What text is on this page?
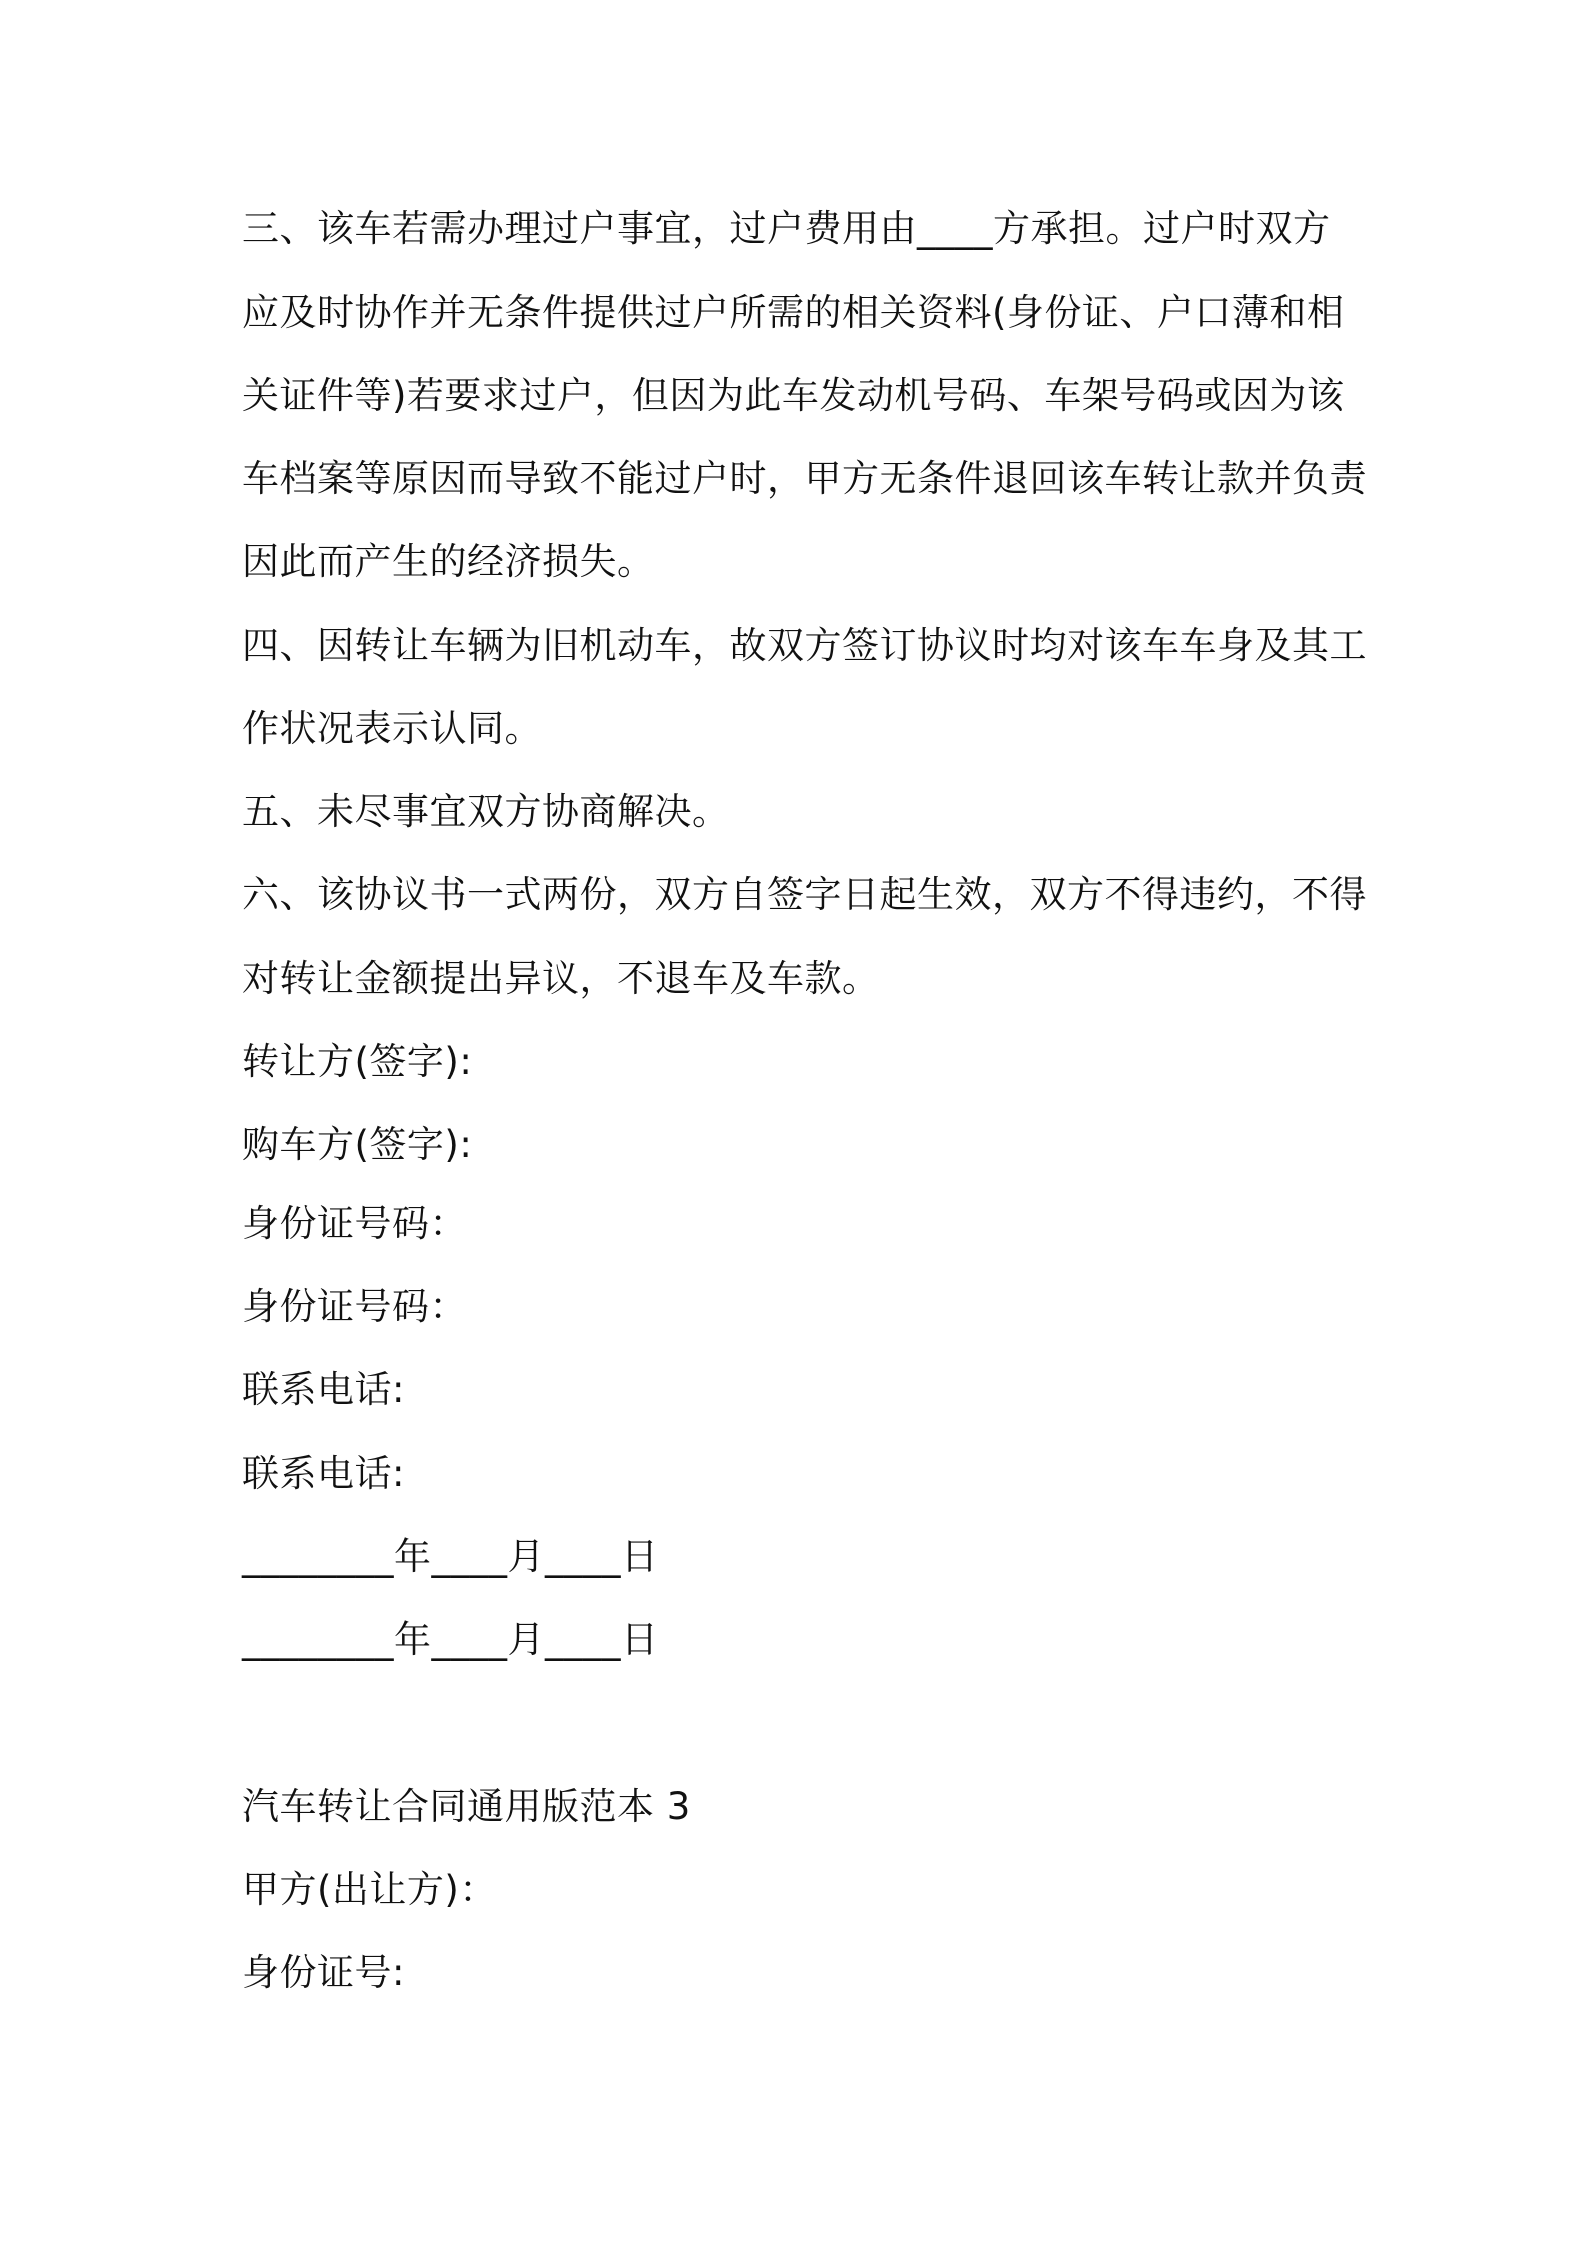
三、该车若需办理过户事宜，过户费用由____方承担。过户时双方
应及时协作并无条件提供过户所需的相关资料(身份证、户口薄和相
关证件等)若要求过户，但因为此车发动机号码、车架号码或因为该
车档案等原因而导致不能过户时，甲方无条件退回该车转让款并负责
因此而产生的经济损失。
四、因转让车辆为旧机动车，故双方签订协议时均对该车车身及其工
作状况表示认同。
五、未尽事宜双方协商解决。
六、该协议书一式两份，双方自签字日起生效，双方不得违约，不得
对转让金额提出异议，不退车及车款。
转让方(签字):
购车方(签字):
身份证号码：
身份证号码：
联系电话:
联系电话:
________年____月____日
________年____月____日
汽车转让合同通用版范本 3
甲方(出让方)：
身份证号:
